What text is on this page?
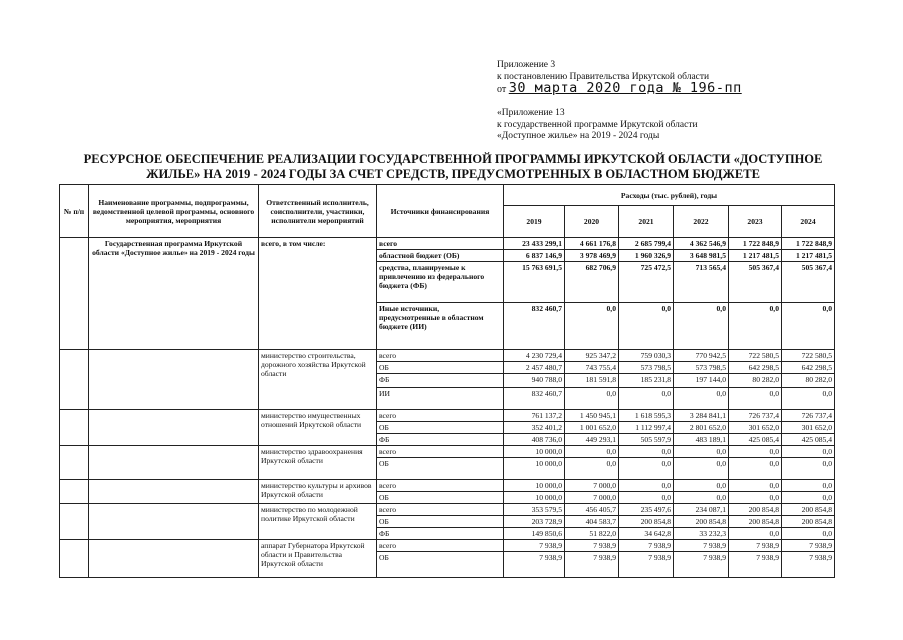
Приложение 3
к постановлению Правительства Иркутской области
от 30 марта 2020 года № 196-пп
«Приложение 13
к государственной программе Иркутской области
«Доступное жилье» на 2019 - 2024 годы
РЕСУРСНОЕ ОБЕСПЕЧЕНИЕ РЕАЛИЗАЦИИ ГОСУДАРСТВЕННОЙ ПРОГРАММЫ ИРКУТСКОЙ ОБЛАСТИ «ДОСТУПНОЕ
ЖИЛЬЕ» НА 2019 - 2024 ГОДЫ ЗА СЧЕТ СРЕДСТВ, ПРЕДУСМОТРЕННЫХ В ОБЛАСТНОМ БЮДЖЕТЕ
№ п/п	Наименование программы, подпрограммы, ведомственной целевой программы, основного мероприятия, мероприятия	Ответственный исполнитель, соисполнители, участники, исполнители мероприятий	Источники финансирования	Расходы (тыс. рублей), годы					
				2019	2020	2021	2022	2023	2024
	Государственная программа Иркутской области «Доступное жилье» на 2019 - 2024 годы	всего, в том числе:	всего	23 433 299,1	4 661 176,8	2 685 799,4	4 362 546,9	1 722 848,9	1 722 848,9
			областной бюджет (ОБ)	6 837 146,9	3 978 469,9	1 960 326,9	3 648 981,5	1 217 481,5	1 217 481,5
			средства, планируемые к привлечению из федерального бюджета (ФБ)	15 763 691,5	682 706,9	725 472,5	713 565,4	505 367,4	505 367,4
			Иные источники, предусмотренные в областном бюджете (ИИ)	832 460,7	0,0	0,0	0,0	0,0	0,0
		министерство строительства, дорожного хозяйства Иркутской области	всего	4 230 729,4	925 347,2	759 030,3	770 942,5	722 580,5	722 580,5
			ОБ	2 457 480,7	743 755,4	573 798,5	573 798,5	642 298,5	642 298,5
			ФБ	940 788,0	181 591,8	185 231,8	197 144,0	80 282,0	80 282,0
			ИИ	832 460,7	0,0	0,0	0,0	0,0	0,0
		министерство имущественных отношений Иркутской области	всего	761 137,2	1 450 945,1	1 618 595,3	3 284 841,1	726 737,4	726 737,4
			ОБ	352 401,2	1 001 652,0	1 112 997,4	2 801 652,0	301 652,0	301 652,0
			ФБ	408 736,0	449 293,1	505 597,9	483 189,1	425 085,4	425 085,4
		министерство здравоохранения Иркутской области	всего	10 000,0	0,0	0,0	0,0	0,0	0,0
			ОБ	10 000,0	0,0	0,0	0,0	0,0	0,0
		министерство культуры и архивов Иркутской области	всего	10 000,0	7 000,0	0,0	0,0	0,0	0,0
			ОБ	10 000,0	7 000,0	0,0	0,0	0,0	0,0
		министерство по молодежной политике Иркутской области	всего	353 579,5	456 405,7	235 497,6	234 087,1	200 854,8	200 854,8
			ОБ	203 728,9	404 583,7	200 854,8	200 854,8	200 854,8	200 854,8
			ФБ	149 850,6	51 822,0	34 642,8	33 232,3	0,0	0,0
		аппарат Губернатора Иркутской области и Правительства Иркутской области	всего	7 938,9	7 938,9	7 938,9	7 938,9	7 938,9	7 938,9
			ОБ	7 938,9	7 938,9	7 938,9	7 938,9	7 938,9	7 938,9
